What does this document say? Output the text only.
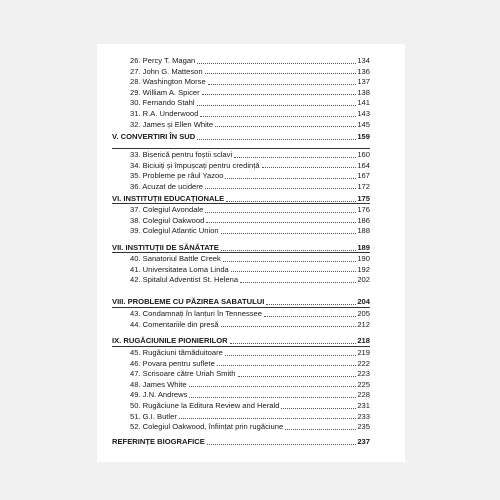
26. Percy T. Magan	134
27. John G. Matteson	136
28. Washington Morse	137
29. William A. Spicer	138
30. Fernando Stahl	141
31. R.A. Underwood	143
32. James și Ellen White	145
V. CONVERTIRI ÎN SUD	159
33. Biserică pentru foștii sclavi	160
34. Biciuiți și împușcați pentru credință	164
35. Probleme pe râul Yazoo	167
36. Acuzat de ucidere	172
VI. INSTITUȚII EDUCAȚIONALE	175
37. Colegiul Avondale	176
38. Colegiul Oakwood	186
39. Colegiul Atlantic Union	188
VII. INSTITUȚII DE SĂNĂTATE	189
40. Sanatoriul Battle Creek	190
41. Universitatea Loma Linda	192
42. Spitalul Adventist St. Helena	202
VIII. PROBLEME CU PĂZIREA SABATULUI	204
43. Condamnați în lanțuri în Tennessee	205
44. Comentariile din presă	212
IX. RUGĂCIUNILE PIONIERILOR	218
45. Rugăciuni tămăduitoare	219
46. Povara pentru suflete	222
47. Scrisoare către Uriah Smith	223
48. James White	225
49. J.N. Andrews	228
50. Rugăciune la Editura Review and Herald	231
51. G.I. Butler	233
52. Colegiul Oakwood, înființat prin rugăciune	235
REFERINȚE BIOGRAFICE	237
